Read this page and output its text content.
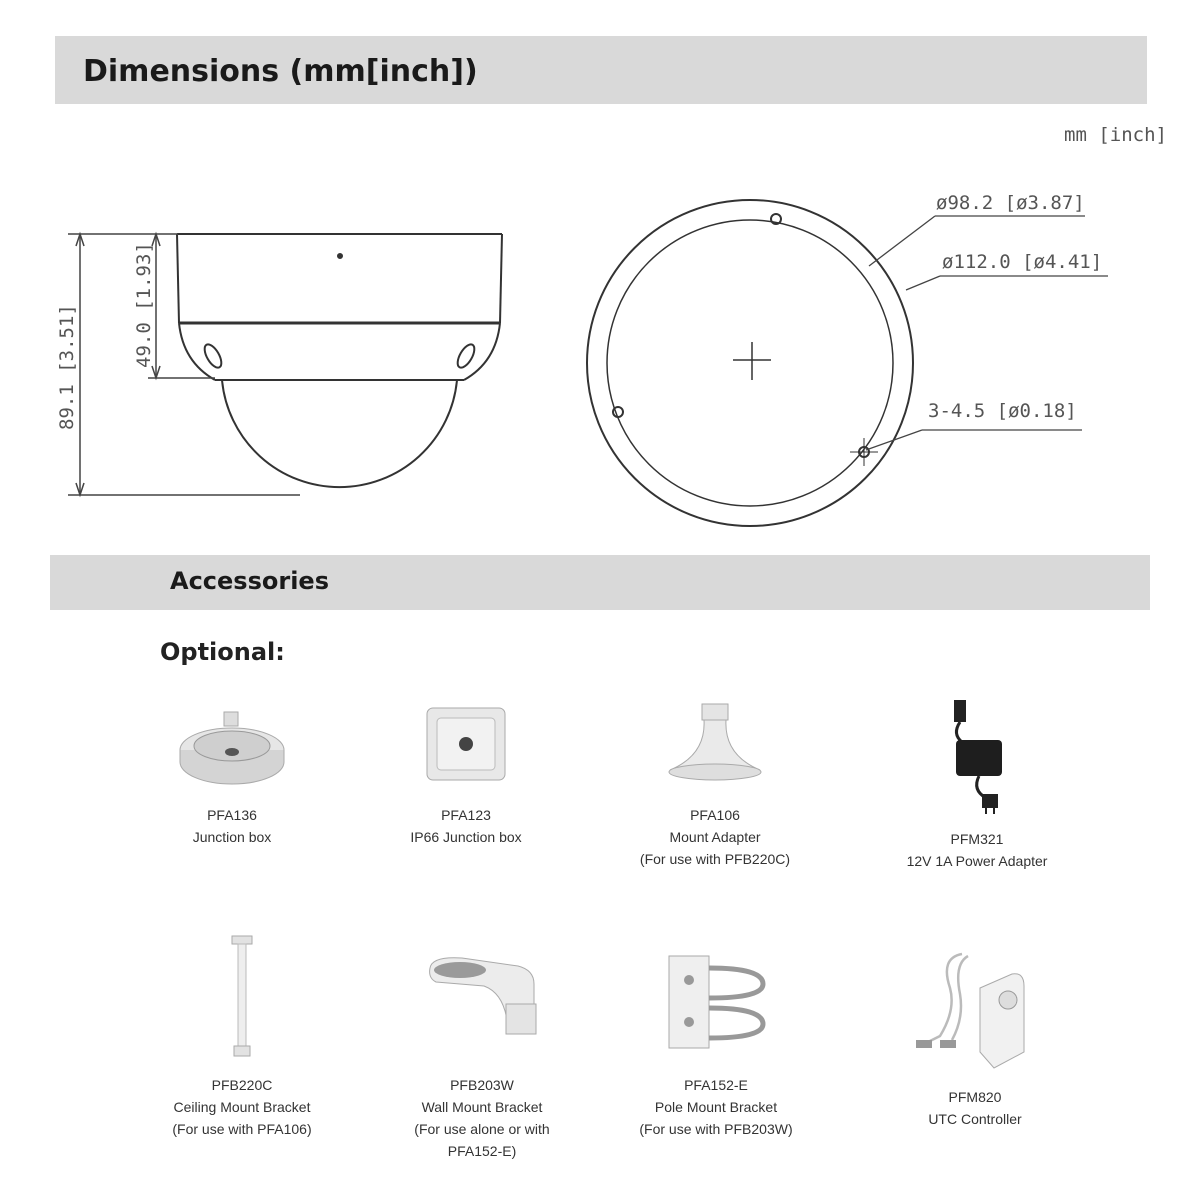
Dimensions (mm[inch])
mm [inch]
89.1 [3.51]	49.0 [1.93]
ø98.2 [ø3.87]
ø112.0 [ø4.41]
3-4.5 [ø0.18]
Accessories
Optional:
PFA136
Junction box
PFA123
IP66 Junction box
PFA106
Mount Adapter
(For use with PFB220C)
PFM321
12V 1A Power Adapter
PFB220C
Ceiling Mount Bracket
(For use with PFA106)
PFB203W
Wall Mount Bracket
(For use alone or with
PFA152-E)
PFA152-E
Pole Mount Bracket
(For use with PFB203W)
PFM820
UTC Controller
